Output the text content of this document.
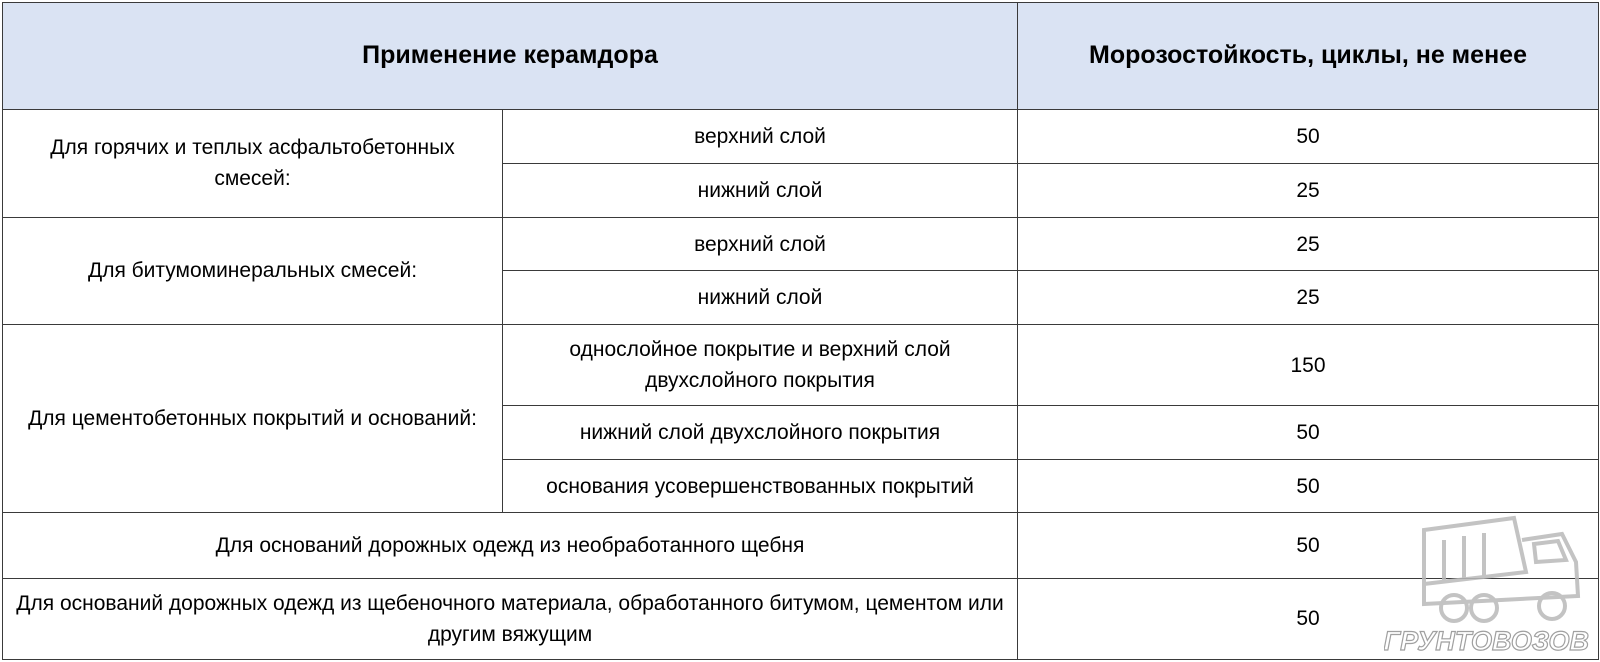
Применение керамдора		Морозостойкость, циклы, не менее
Для горячих и теплых асфальтобетонных смесей:	верхний слой	50
	нижний слой	25
Для битумоминеральных смесей:	верхний слой	25
	нижний слой	25
Для цементобетонных покрытий и оснований:	однослойное покрытие и верхний слой двухслойного покрытия	150
	нижний слой двухслойного покрытия	50
	основания усовершенствованных покрытий	50
Для оснований дорожных одежд из необработанного щебня		50
Для оснований дорожных одежд из щебеночного материала, обработанного битумом, цементом или другим вяжущим		50
ГРУНТОВОЗОВ
